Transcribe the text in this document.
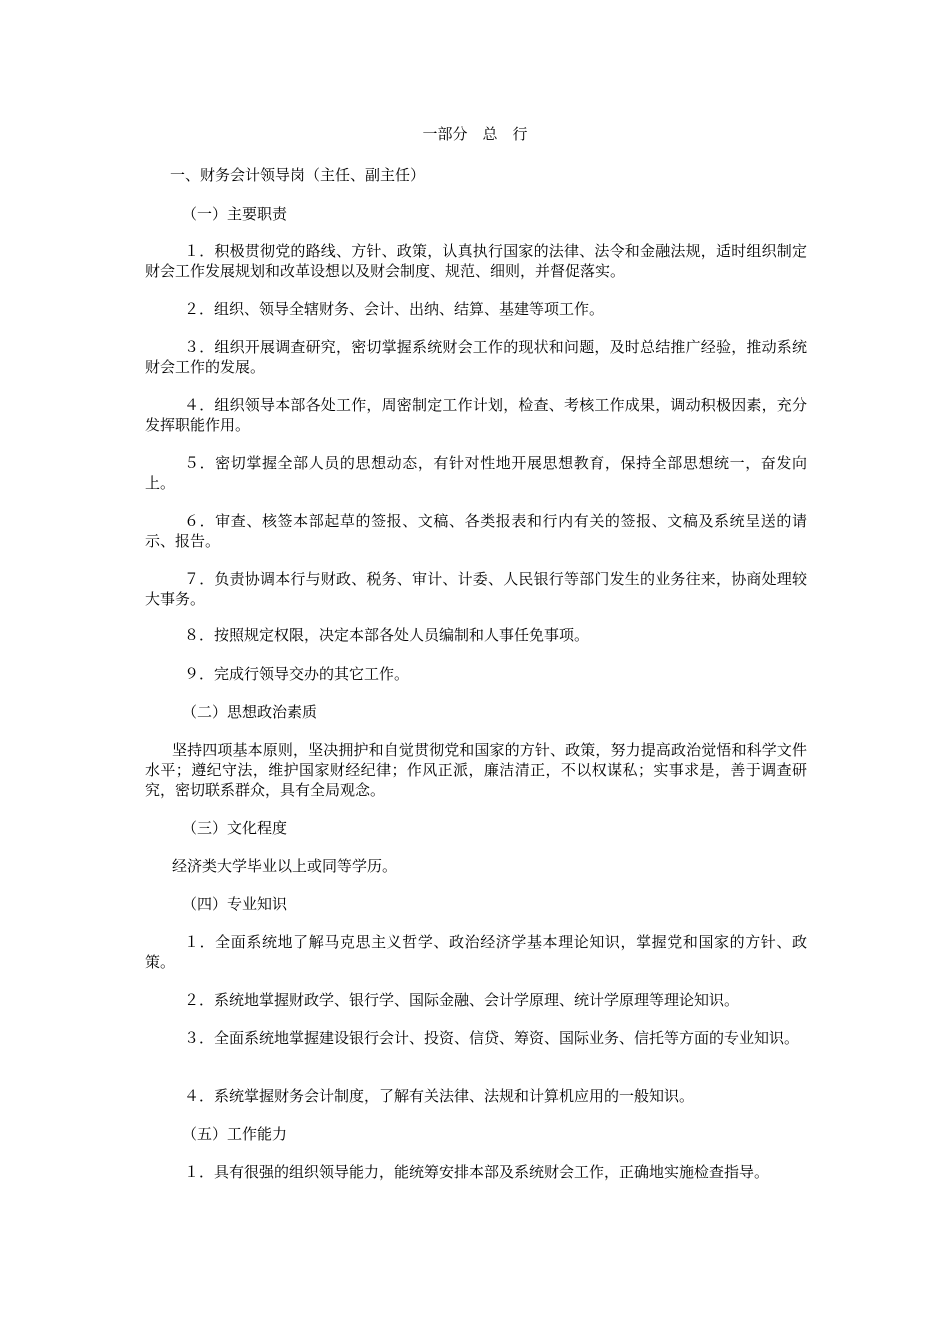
一部分　总　行
一、财务会计领导岗（主任、副主任）
（一）主要职责
１．积极贯彻党的路线、方针、政策，认真执行国家的法律、法令和金融法规，适时组织制定财会工作发展规划和改革设想以及财会制度、规范、细则，并督促落实。
２．组织、领导全辖财务、会计、出纳、结算、基建等项工作。
３．组织开展调查研究，密切掌握系统财会工作的现状和问题，及时总结推广经验，推动系统财会工作的发展。
４．组织领导本部各处工作，周密制定工作计划，检查、考核工作成果，调动积极因素，充分发挥职能作用。
５．密切掌握全部人员的思想动态，有针对性地开展思想教育，保持全部思想统一，奋发向上。
６．审查、核签本部起草的签报、文稿、各类报表和行内有关的签报、文稿及系统呈送的请示、报告。
７．负责协调本行与财政、税务、审计、计委、人民银行等部门发生的业务往来，协商处理较大事务。
８．按照规定权限，决定本部各处人员编制和人事任免事项。
９．完成行领导交办的其它工作。
（二）思想政治素质
坚持四项基本原则，坚决拥护和自觉贯彻党和国家的方针、政策，努力提高政治觉悟和科学文件水平；遵纪守法，维护国家财经纪律；作风正派，廉洁清正，不以权谋私；实事求是，善于调查研究，密切联系群众，具有全局观念。
（三）文化程度
经济类大学毕业以上或同等学历。
（四）专业知识
１．全面系统地了解马克思主义哲学、政治经济学基本理论知识，掌握党和国家的方针、政策。
２．系统地掌握财政学、银行学、国际金融、会计学原理、统计学原理等理论知识。
３．全面系统地掌握建设银行会计、投资、信贷、筹资、国际业务、信托等方面的专业知识。
４．系统掌握财务会计制度，了解有关法律、法规和计算机应用的一般知识。
（五）工作能力
１．具有很强的组织领导能力，能统筹安排本部及系统财会工作，正确地实施检查指导。
